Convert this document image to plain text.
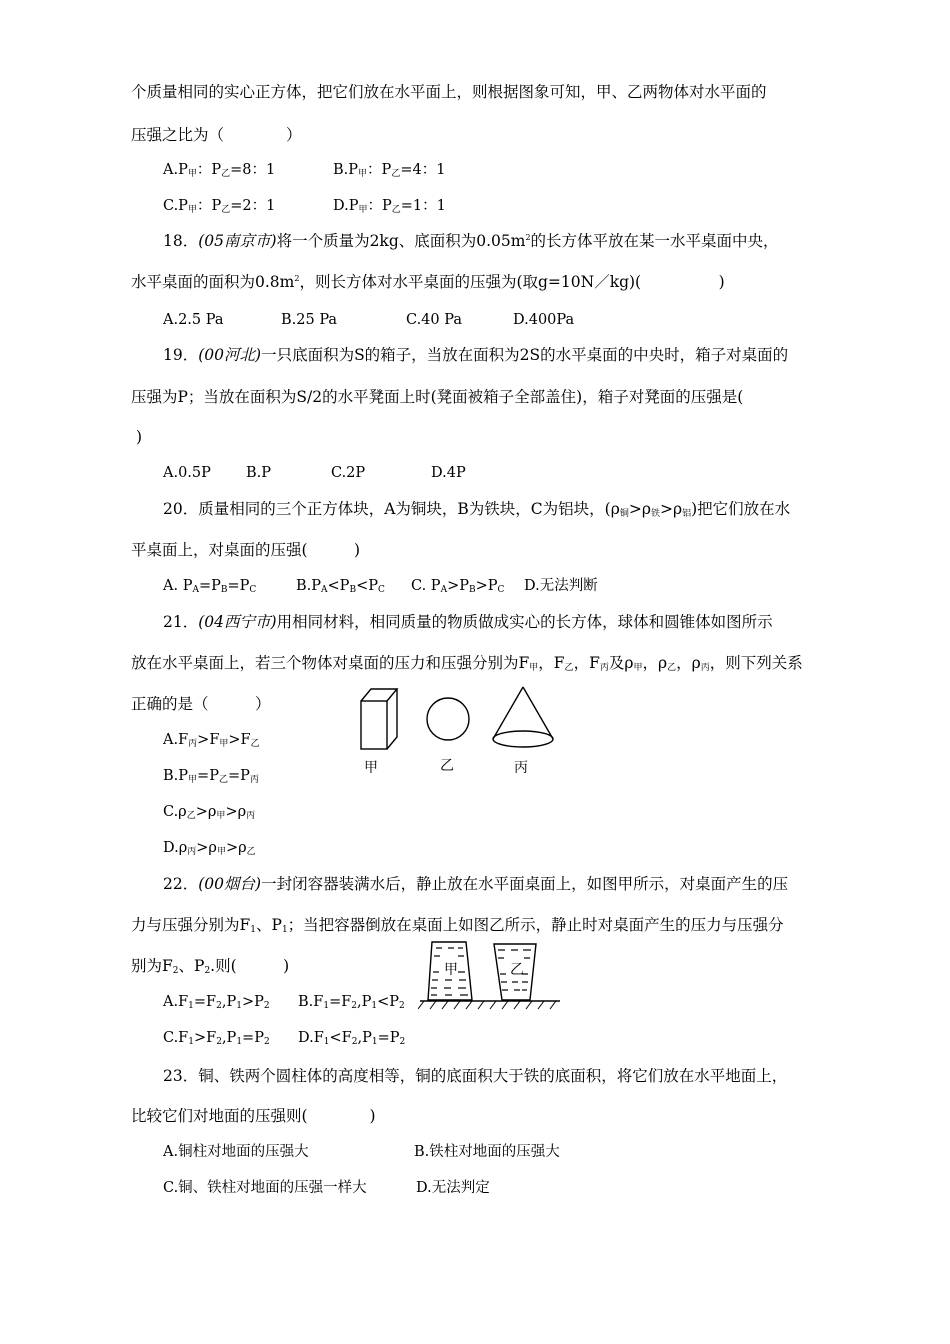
个质量相同的实心正方体，把它们放在水平面上，则根据图象可知，甲、乙两物体对水平面的
压强之比为（　　　　）
$A.P_甲$：$P_乙=8$：1	$B.P_甲$：$P_乙=4$：1
$C.P_甲$：$P_乙=2$：1	$D.P_甲$：$P_乙=1$：1
18．(05南京市)将一个质量为2kg、底面积为$0.05m^2$的长方体平放在某一水平桌面中央，
水平桌面的面积为$0.8m^2$，则长方体对水平桌面的压强为(取g=10N／kg)(　　　　　)
A.2.5 Pa	B.25 Pa	C.40 Pa	D.400Pa
19．(00河北)一只底面积为S的箱子，当放在面积为2S的水平桌面的中央时，箱子对桌面的
压强为P；当放在面积为S/2的水平凳面上时(凳面被箱子全部盖住)，箱子对凳面的压强是(
)
A.0.5P B.P	C.2P	D.4P
20．质量相同的三个正方体块，A为铜块，B为铁块，C为铝块，$(\rho_铜>\rho_铁>\rho_铝)$把它们放在水
平桌面上，对桌面的压强(　　　)
A. $P_A=P_B=P_C$	$B.P_A<P_B<P_C$ C. $P_A>P_B>P_C$ D.无法判断
21．(04西宁市)用相同材料，相同质量的物质做成实心的长方体，球体和圆锥体如图所示
放在水平桌面上，若三个物体对桌面的压力和压强分别为$F_甲$，$F_乙$，$F_丙$及$\rho_甲$，$\rho_乙$，$\rho_丙$，则下列关系
正确的是（　　　）
$A.F_丙>F_甲>F_乙$
$B.P_甲=P_乙=P_丙$
$C.\rho_乙>\rho_甲>\rho_丙$
$D.\rho_丙>\rho_甲>\rho_乙$
甲	乙	丙
22．(00烟台)一封闭容器装满水后，静止放在水平面桌面上，如图甲所示，对桌面产生的压
力与压强分别为$F_1$、$P_1$；当把容器倒放在桌面上如图乙所示，静止时对桌面产生的压力与压强分
别为$F_2$、$P_2$.则(　　　)
$A.F_1=F_2,P_1>P_2$ $B.F_1=F_2,P_1<P_2$
$C.F_1>F_2,P_1=P_2$ $D.F_1<F_2,P_1=P_2$
甲	乙
23．铜、铁两个圆柱体的高度相等，铜的底面积大于铁的底面积，将它们放在水平地面上，
比较它们对地面的压强则(　　　　)
A.铜柱对地面的压强大	B.铁柱对地面的压强大
C.铜、铁柱对地面的压强一样大	D.无法判定
